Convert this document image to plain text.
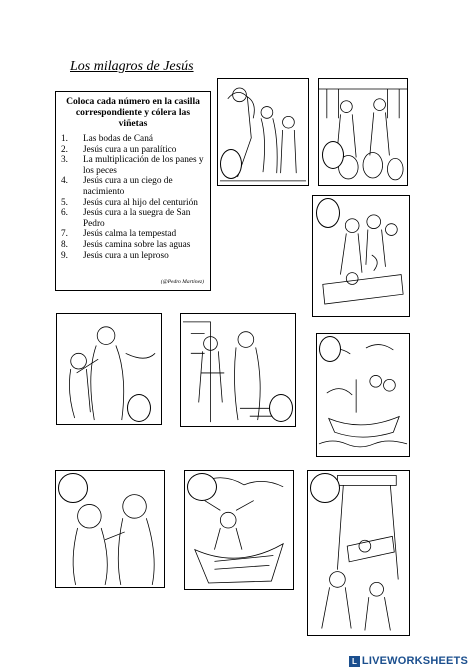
Los milagros de Jesús
Coloca cada número en la casilla correspondiente y cólera las viñetas
1.	Las bodas de Caná
2.	Jesús cura a un paralítico
3.	La multiplicación de los panes y los peces
4.	Jesús cura a un ciego de nacimiento
5.	Jesús cura al hijo del centurión
6.	Jesús cura a la suegra de San Pedro
7.	Jesús calma la tempestad
8.	Jesús camina sobre las aguas
9.	Jesús cura a un leproso
(@Pedro Martínez)
L LIVEWORKSHEETS
